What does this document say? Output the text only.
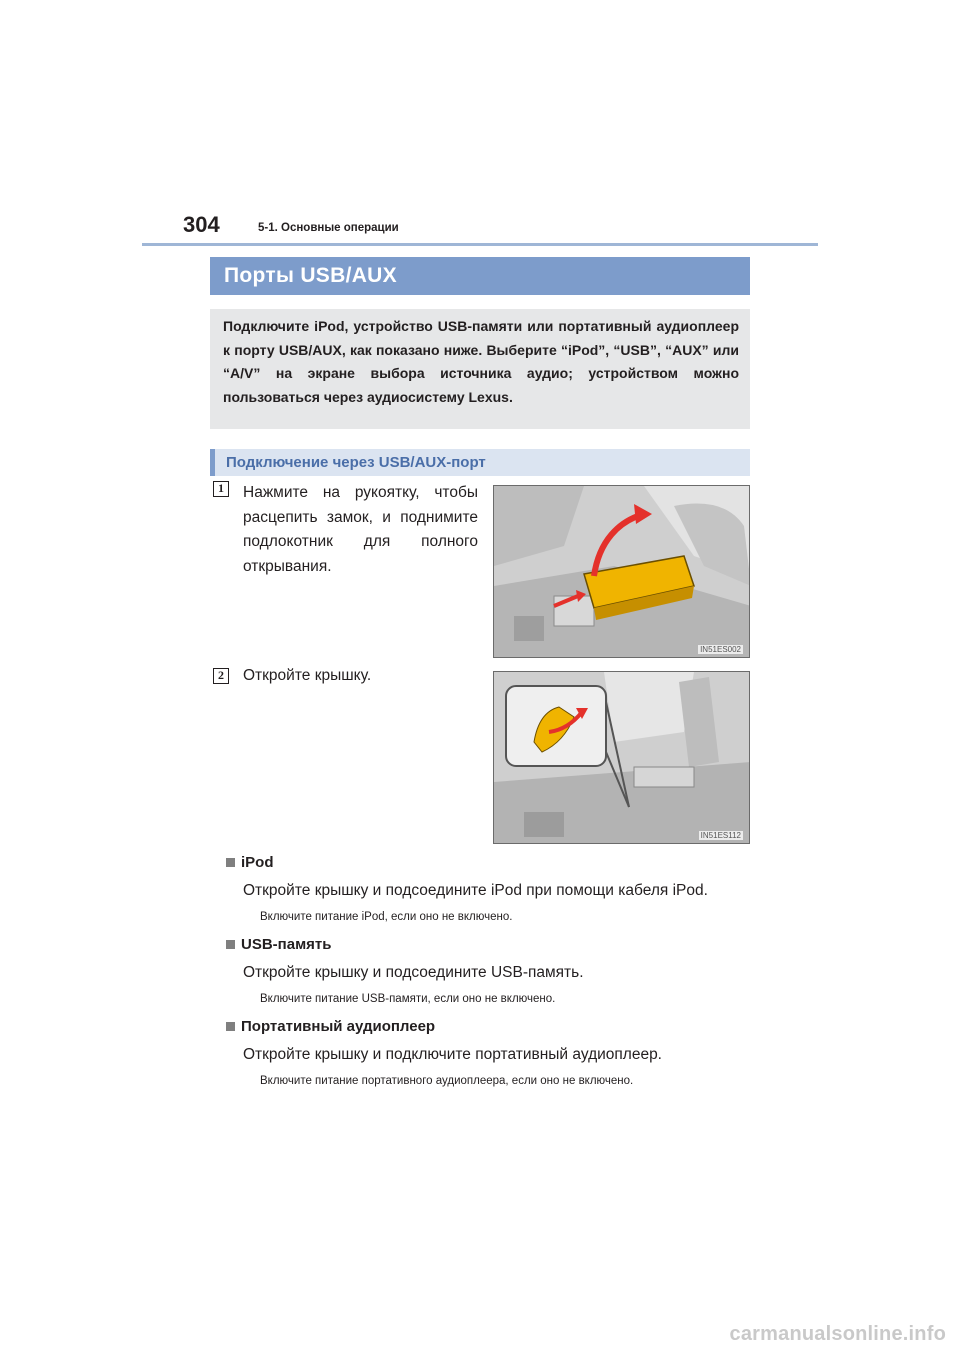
304	5-1. Основные операции
Порты USB/AUX

Подключите iPod, устройство USB-памяти или портативный аудиоплеер к порту USB/AUX, как показано ниже. Выберите “iPod”, “USB”, “AUX” или “A/V” на экране выбора источника аудио; устройством можно пользоваться через аудиосистему Lexus.

Подключение через USB/AUX-порт
1	Нажмите на рукоятку, чтобы расцепить замок, и поднимите подлокотник для полного открывания.
IN51ES002
2	Откройте крышку.
IN51ES112
iPod
Откройте крышку и подсоедините iPod при помощи кабеля iPod.
Включите питание iPod, если оно не включено.
USB-память
Откройте крышку и подсоедините USB-память.
Включите питание USB-памяти, если оно не включено.
Портативный аудиоплеер
Откройте крышку и подключите портативный аудиоплеер.
Включите питание портативного аудиоплеера, если оно не включено.
carmanualsonline.info
